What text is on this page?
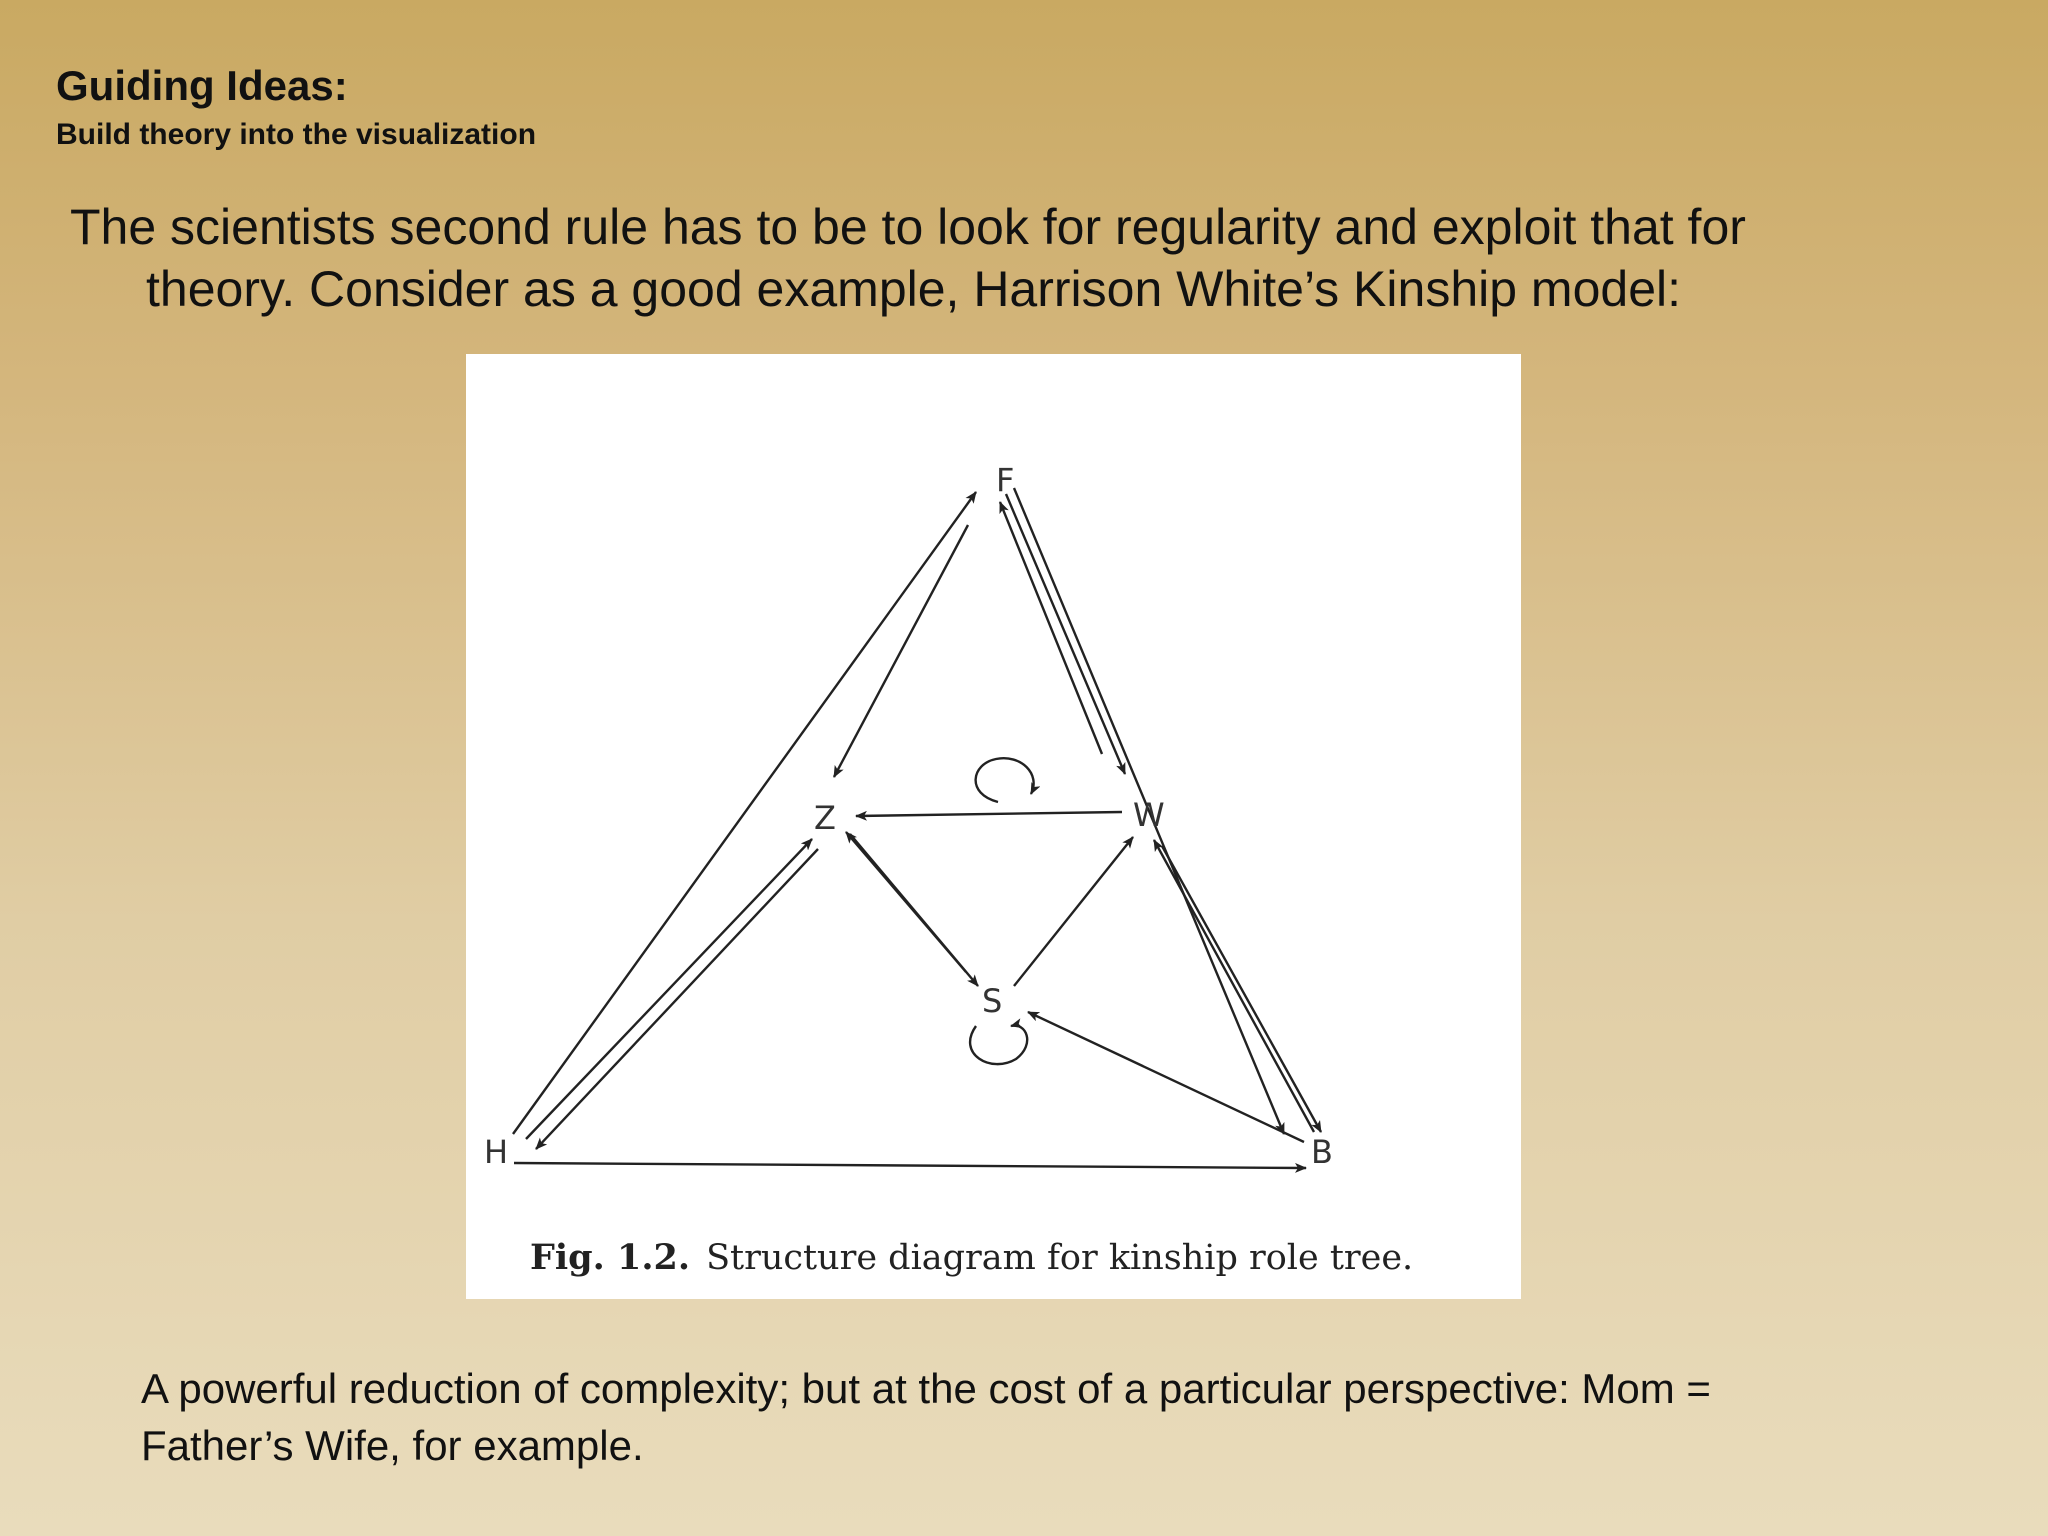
Guiding Ideas:
Build theory into the visualization
The scientists second rule has to be to look for regularity and exploit that for
theory. Consider as a good example, Harrison White’s Kinship model:
F
Z	W
S
H	B
Fig. 1.2. Structure diagram for kinship role tree.
A powerful reduction of complexity; but at the cost of a particular perspective: Mom =
Father’s Wife, for example.
